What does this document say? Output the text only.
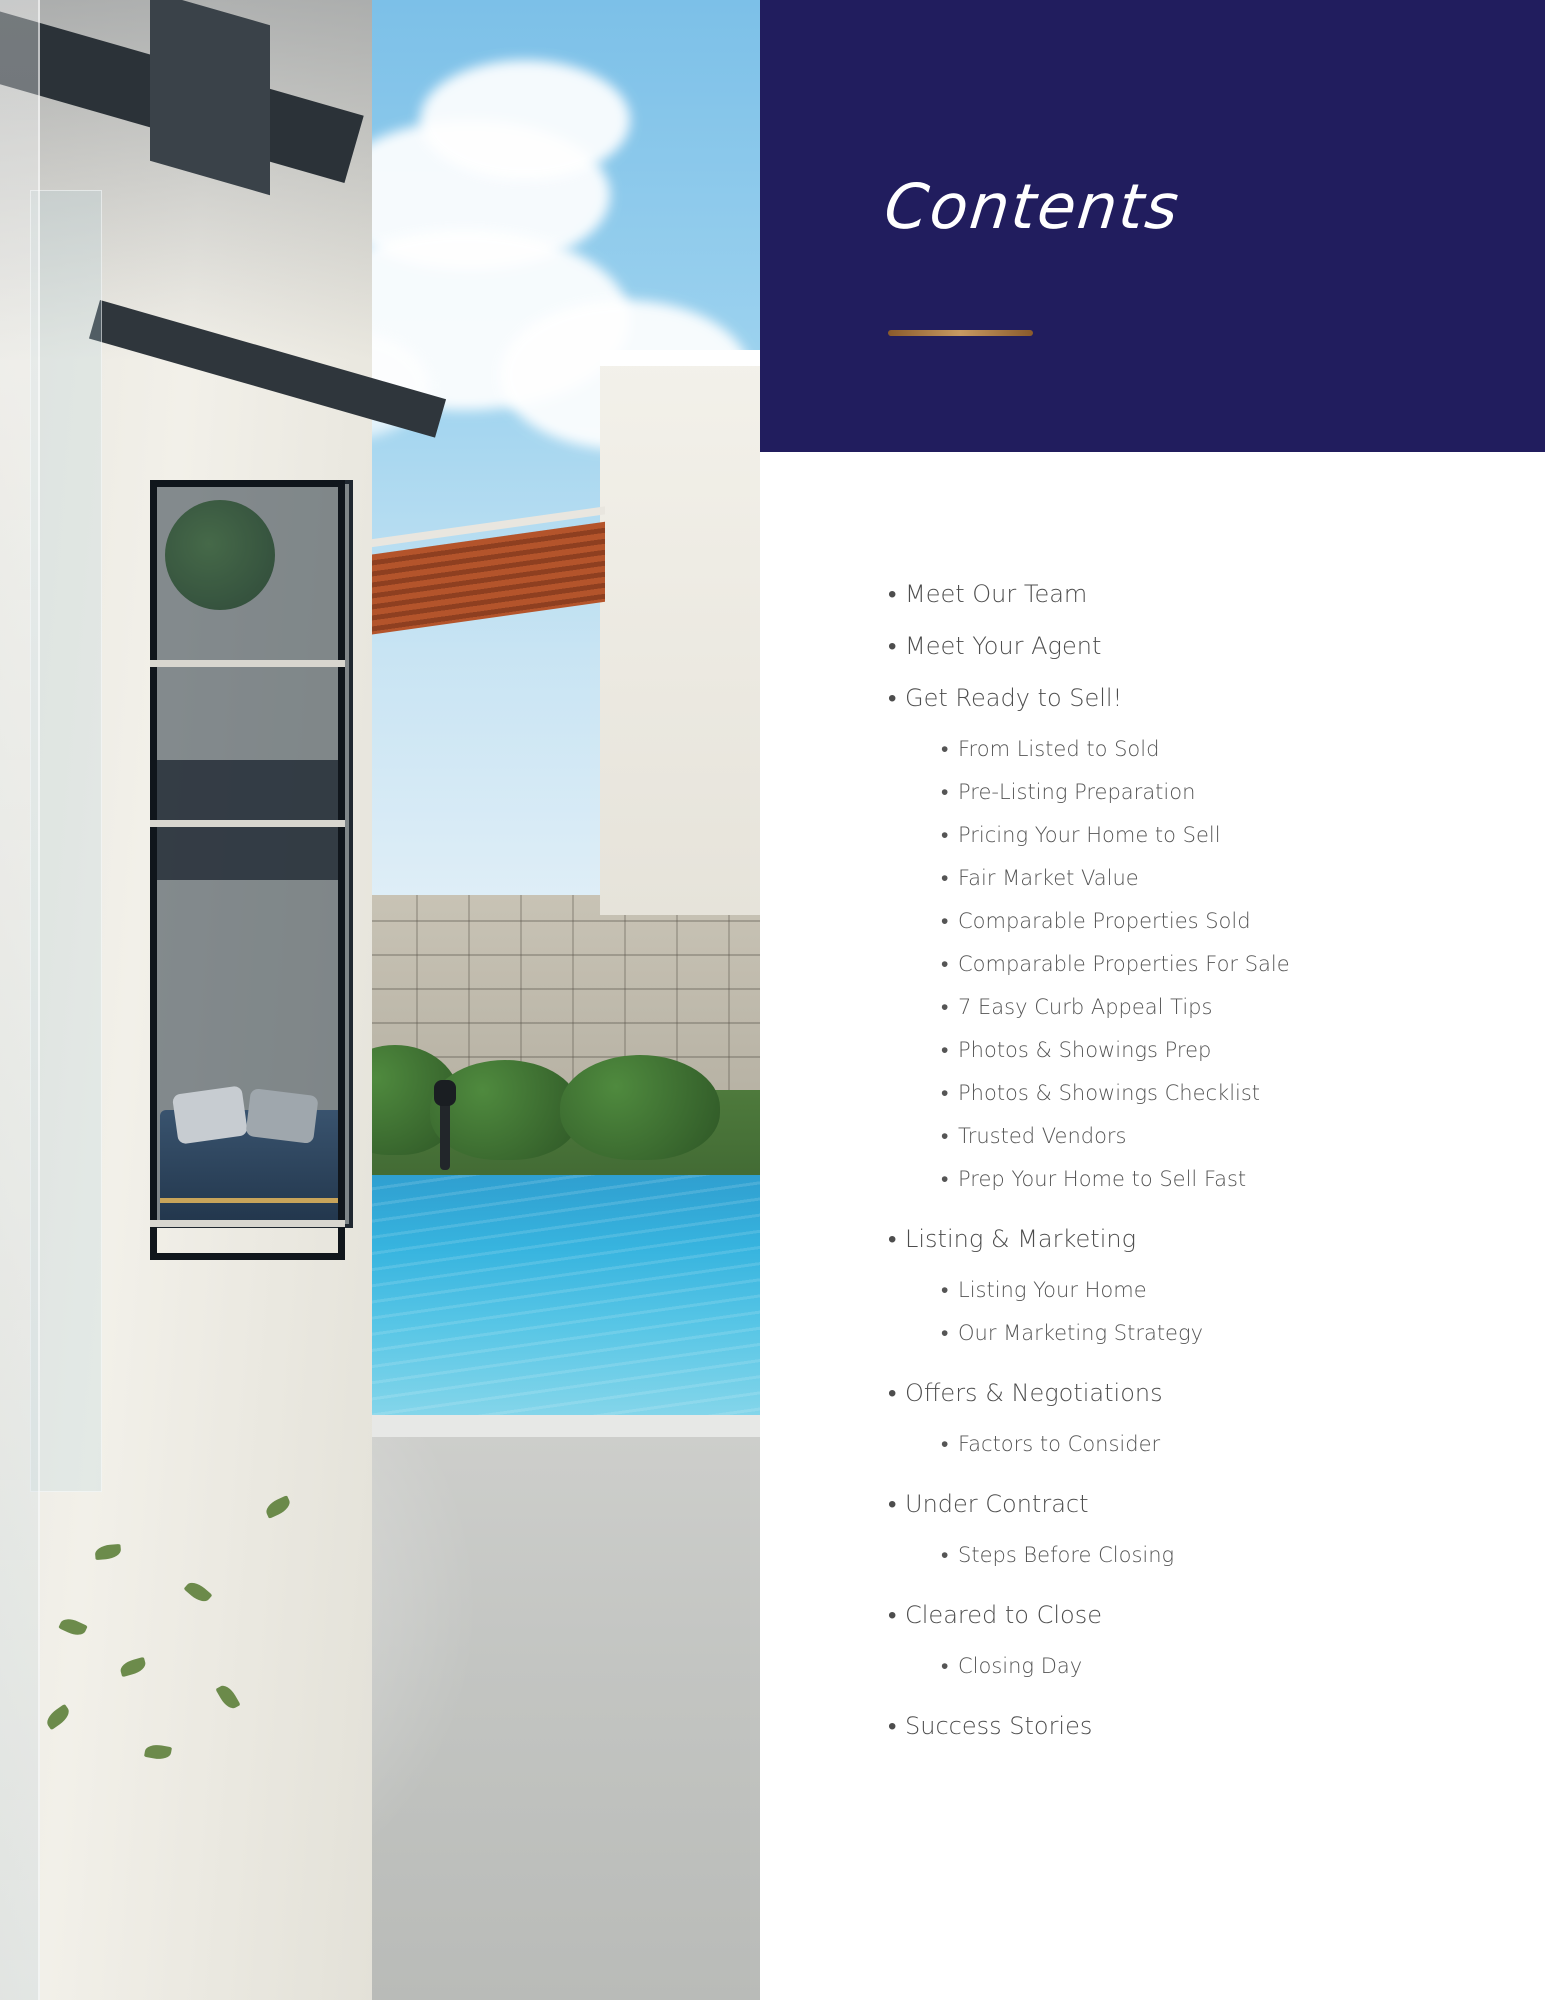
Contents
• Meet Our Team
• Meet Your Agent
• Get Ready to Sell!
• From Listed to Sold
• Pre-Listing Preparation
• Pricing Your Home to Sell
• Fair Market Value
• Comparable Properties Sold
• Comparable Properties For Sale
• 7 Easy Curb Appeal Tips
• Photos & Showings Prep
• Photos & Showings Checklist
• Trusted Vendors
• Prep Your Home to Sell Fast
• Listing & Marketing
• Listing Your Home
• Our Marketing Strategy
• Offers & Negotiations
• Factors to Consider
• Under Contract
• Steps Before Closing
• Cleared to Close
• Closing Day
• Success Stories
